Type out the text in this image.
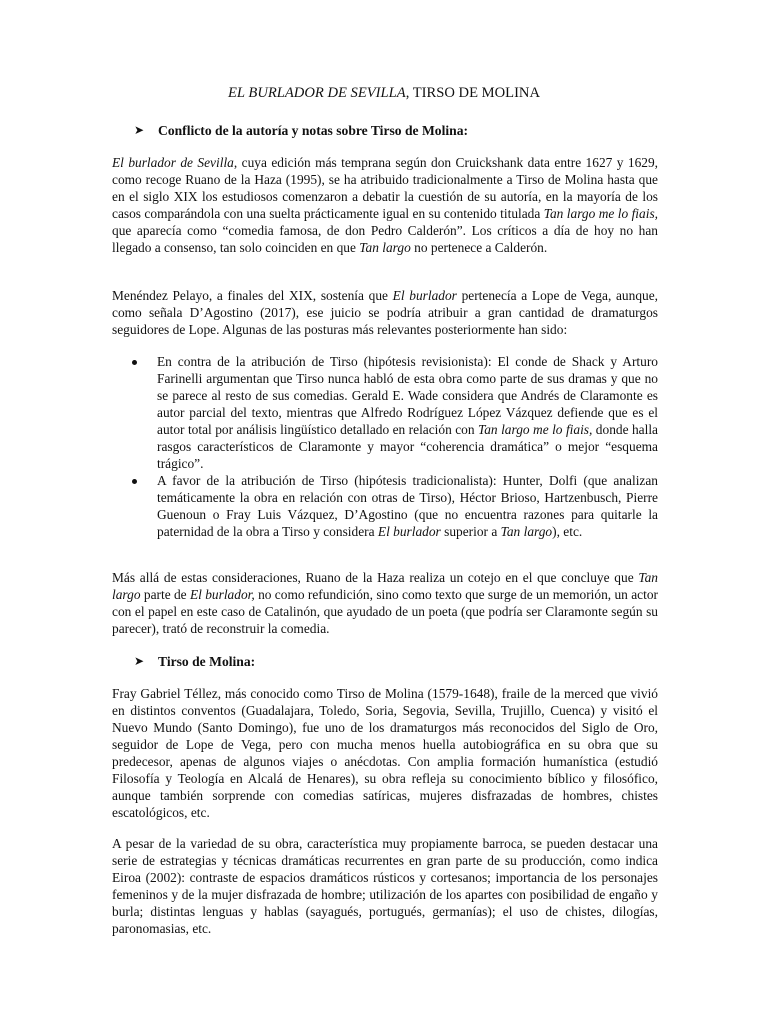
EL BURLADOR DE SEVILLA, TIRSO DE MOLINA
➤ Conflicto de la autoría y notas sobre Tirso de Molina:
El burlador de Sevilla, cuya edición más temprana según don Cruickshank data entre 1627 y 1629, como recoge Ruano de la Haza (1995), se ha atribuido tradicionalmente a Tirso de Molina hasta que en el siglo XIX los estudiosos comenzaron a debatir la cuestión de su autoría, en la mayoría de los casos comparándola con una suelta prácticamente igual en su contenido titulada Tan largo me lo fiais, que aparecía como “comedia famosa, de don Pedro Calderón”. Los críticos a día de hoy no han llegado a consenso, tan solo coinciden en que Tan largo no pertenece a Calderón.
Menéndez Pelayo, a finales del XIX, sostenía que El burlador pertenecía a Lope de Vega, aunque, como señala D’Agostino (2017), ese juicio se podría atribuir a gran cantidad de dramaturgos seguidores de Lope. Algunas de las posturas más relevantes posteriormente han sido:
En contra de la atribución de Tirso (hipótesis revisionista): El conde de Shack y Arturo Farinelli argumentan que Tirso nunca habló de esta obra como parte de sus dramas y que no se parece al resto de sus comedias. Gerald E. Wade considera que Andrés de Claramonte es autor parcial del texto, mientras que Alfredo Rodríguez López Vázquez defiende que es el autor total por análisis lingüístico detallado en relación con Tan largo me lo fiais, donde halla rasgos característicos de Claramonte y mayor “coherencia dramática” o mejor “esquema trágico”.
A favor de la atribución de Tirso (hipótesis tradicionalista): Hunter, Dolfi (que analizan temáticamente la obra en relación con otras de Tirso), Héctor Brioso, Hartzenbusch, Pierre Guenoun o Fray Luis Vázquez, D’Agostino (que no encuentra razones para quitarle la paternidad de la obra a Tirso y considera El burlador superior a Tan largo), etc.
Más allá de estas consideraciones, Ruano de la Haza realiza un cotejo en el que concluye que Tan largo parte de El burlador, no como refundición, sino como texto que surge de un memorión, un actor con el papel en este caso de Catalinón, que ayudado de un poeta (que podría ser Claramonte según su parecer), trató de reconstruir la comedia.
➤ Tirso de Molina:
Fray Gabriel Téllez, más conocido como Tirso de Molina (1579-1648), fraile de la merced que vivió en distintos conventos (Guadalajara, Toledo, Soria, Segovia, Sevilla, Trujillo, Cuenca) y visitó el Nuevo Mundo (Santo Domingo), fue uno de los dramaturgos más reconocidos del Siglo de Oro, seguidor de Lope de Vega, pero con mucha menos huella autobiográfica en su obra que su predecesor, apenas de algunos viajes o anécdotas. Con amplia formación humanística (estudió Filosofía y Teología en Alcalá de Henares), su obra refleja su conocimiento bíblico y filosófico, aunque también sorprende con comedias satíricas, mujeres disfrazadas de hombres, chistes escatológicos, etc.
A pesar de la variedad de su obra, característica muy propiamente barroca, se pueden destacar una serie de estrategias y técnicas dramáticas recurrentes en gran parte de su producción, como indica Eiroa (2002): contraste de espacios dramáticos rústicos y cortesanos; importancia de los personajes femeninos y de la mujer disfrazada de hombre; utilización de los apartes con posibilidad de engaño y burla; distintas lenguas y hablas (sayagués, portugués, germanías); el uso de chistes, dilogías, paronomasias, etc.
